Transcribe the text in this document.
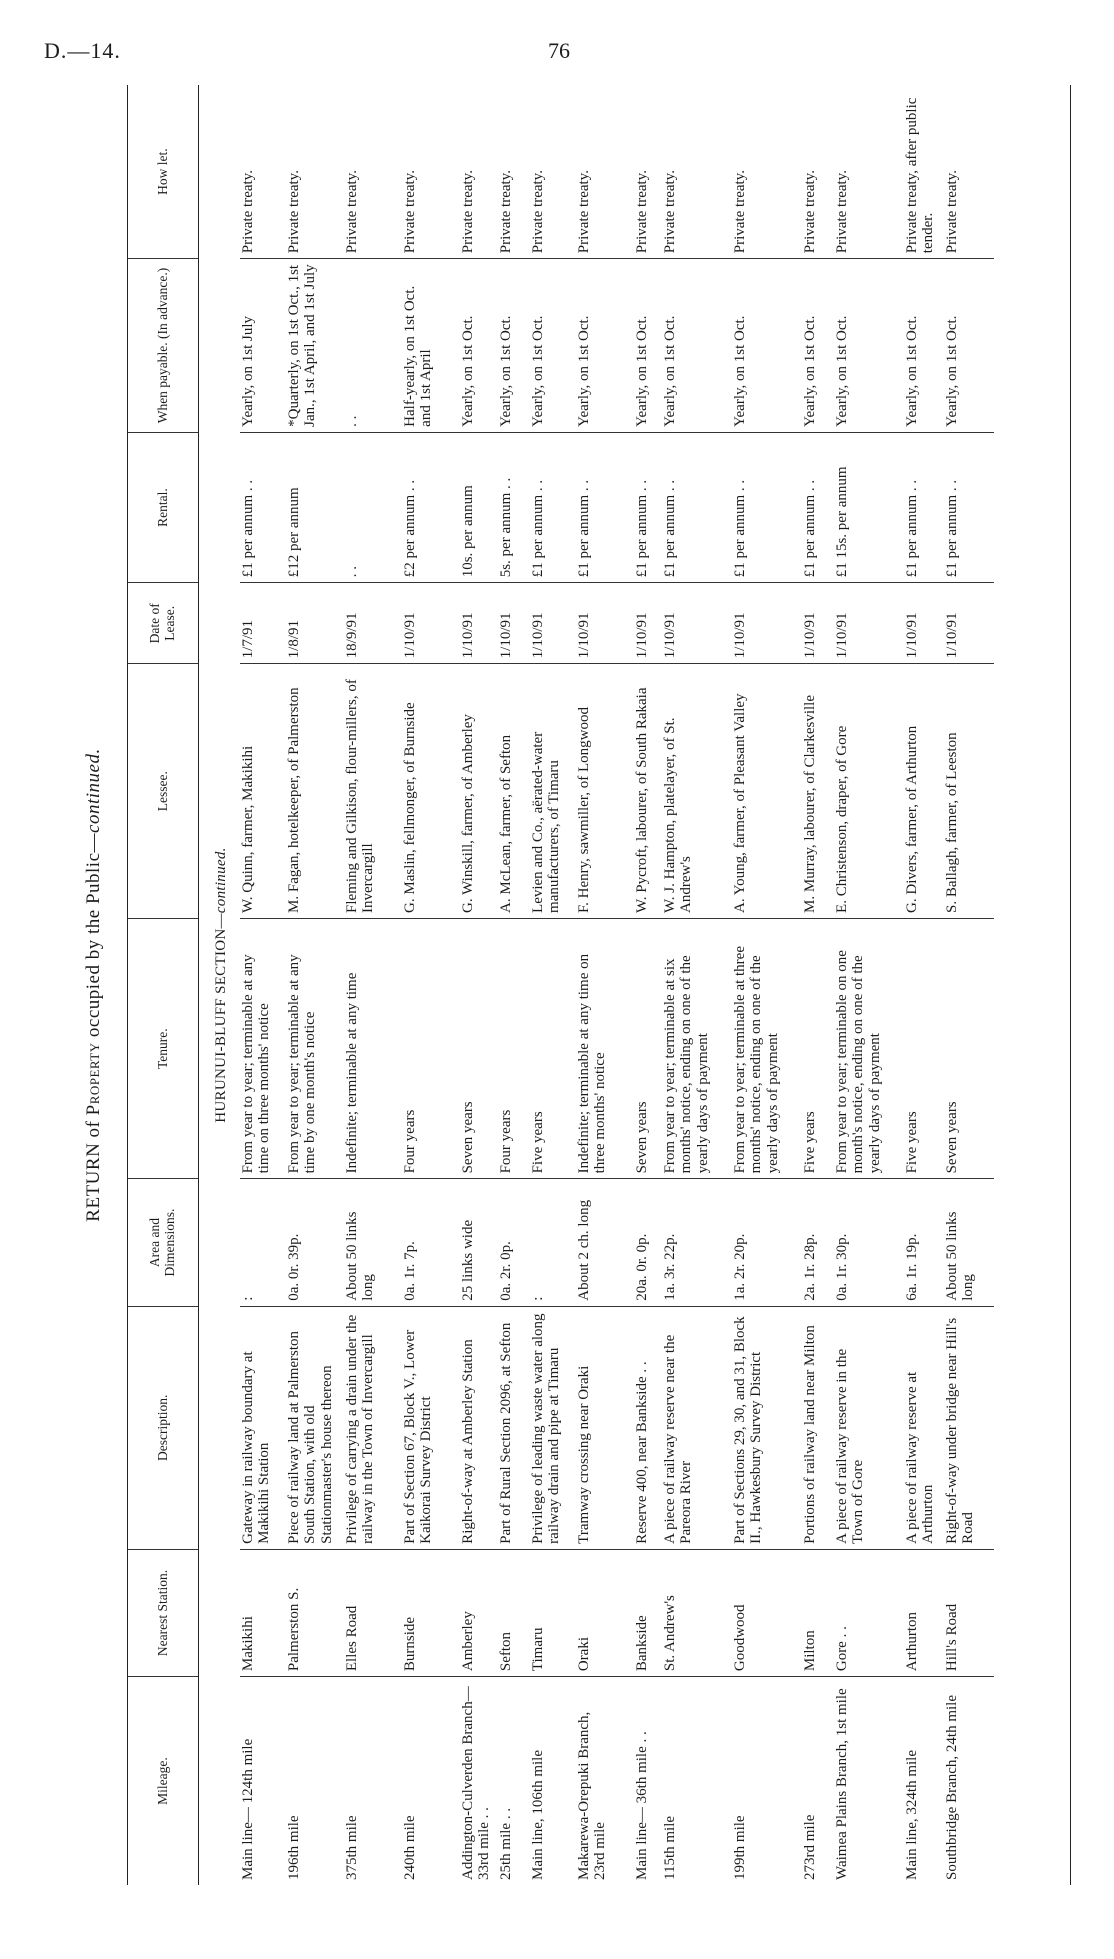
D.—14.	76
RETURN of Property occupied by the Public—continued.
Mileage.	Nearest Station.	Description.	Area and Dimensions.	Tenure.	Lessee.	Date of Lease.	Rental.	When payable. (In advance.)	How let.
HURUNUI-BLUFF SECTION—continued.									
Main line— 124th mile	Makikihi	Gateway in railway boundary at Makikihi Station	:	From year to year; terminable at any time on three months' notice	W. Quinn, farmer, Makikihi	1/7/91	£1 per annum . .	Yearly, on 1st July	Private treaty.
196th mile	Palmerston S.	Piece of railway land at Palmerston South Station, with old Stationmaster's house thereon	0a. 0r. 39p.	From year to year; terminable at any time by one month's notice	M. Fagan, hotelkeeper, of Palmerston	1/8/91	£12 per annum	*Quarterly, on 1st Oct., 1st Jan., 1st April, and 1st July	Private treaty.
375th mile	Elles Road	Privilege of carrying a drain under the railway in the Town of Invercargill	About 50 links long	Indefinite; terminable at any time	Fleming and Gilkison, flour-millers, of Invercargill	18/9/91	. .	. .	Private treaty.
240th mile	Burnside	Part of Section 67, Block V., Lower Kaikorai Survey District	0a. 1r. 7p.	Four years	G. Maslin, fellmonger, of Burnside	1/10/91	£2 per annum . .	Half-yearly, on 1st Oct. and 1st April	Private treaty.
Addington-Culverden Branch— 33rd mile . .	Amberley	Right-of-way at Amberley Station	25 links wide	Seven years	G. Winskill, farmer, of Amberley	1/10/91	10s. per annum	Yearly, on 1st Oct.	Private treaty.
25th mile . .	Sefton	Part of Rural Section 2096, at Sefton	0a. 2r. 0p.	Four years	A. McLean, farmer, of Sefton	1/10/91	5s. per annum . .	Yearly, on 1st Oct.	Private treaty.
Main line, 106th mile	Timaru	Privilege of leading waste water along railway drain and pipe at Timaru	:	Five years	Levien and Co., aërated-water manufacturers, of Timaru	1/10/91	£1 per annum . .	Yearly, on 1st Oct.	Private treaty.
Makarewa-Orepuki Branch, 23rd mile	Oraki	Tramway crossing near Oraki	About 2 ch. long	Indefinite; terminable at any time on three months' notice	F. Henry, sawmiller, of Longwood	1/10/91	£1 per annum . .	Yearly, on 1st Oct.	Private treaty.
Main line— 36th mile . .	Bankside	Reserve 400, near Bankside . .	20a. 0r. 0p.	Seven years	W. Pycroft, labourer, of South Rakaia	1/10/91	£1 per annum . .	Yearly, on 1st Oct.	Private treaty.
115th mile	St. Andrew's	A piece of railway reserve near the Pareora River	1a. 3r. 22p.	From year to year; terminable at six months' notice, ending on one of the yearly days of payment	W. J. Hampton, platelayer, of St. Andrew's	1/10/91	£1 per annum . .	Yearly, on 1st Oct.	Private treaty.
199th mile	Goodwood	Part of Sections 29, 30, and 31, Block II., Hawkesbury Survey District	1a. 2r. 20p.	From year to year; terminable at three months' notice, ending on one of the yearly days of payment	A. Young, farmer, of Pleasant Valley	1/10/91	£1 per annum . .	Yearly, on 1st Oct.	Private treaty.
273rd mile	Milton	Portions of railway land near Milton	2a. 1r. 28p.	Five years	M. Murray, labourer, of Clarkesville	1/10/91	£1 per annum . .	Yearly, on 1st Oct.	Private treaty.
Waimea Plains Branch, 1st mile	Gore . .	A piece of railway reserve in the Town of Gore	0a. 1r. 30p.	From year to year; terminable on one month's notice, ending on one of the yearly days of payment	E. Christenson, draper, of Gore	1/10/91	£1 15s. per annum	Yearly, on 1st Oct.	Private treaty.
Main line, 324th mile	Arthurton	A piece of railway reserve at Arthurton	6a. 1r. 19p.	Five years	G. Divers, farmer, of Arthurton	1/10/91	£1 per annum . .	Yearly, on 1st Oct.	Private treaty, after public tender.
Southbridge Branch, 24th mile	Hill's Road	Right-of-way under bridge near Hill's Road	About 50 links long	Seven years	S. Ballagh, farmer, of Leeston	1/10/91	£1 per annum . .	Yearly, on 1st Oct.	Private treaty.
